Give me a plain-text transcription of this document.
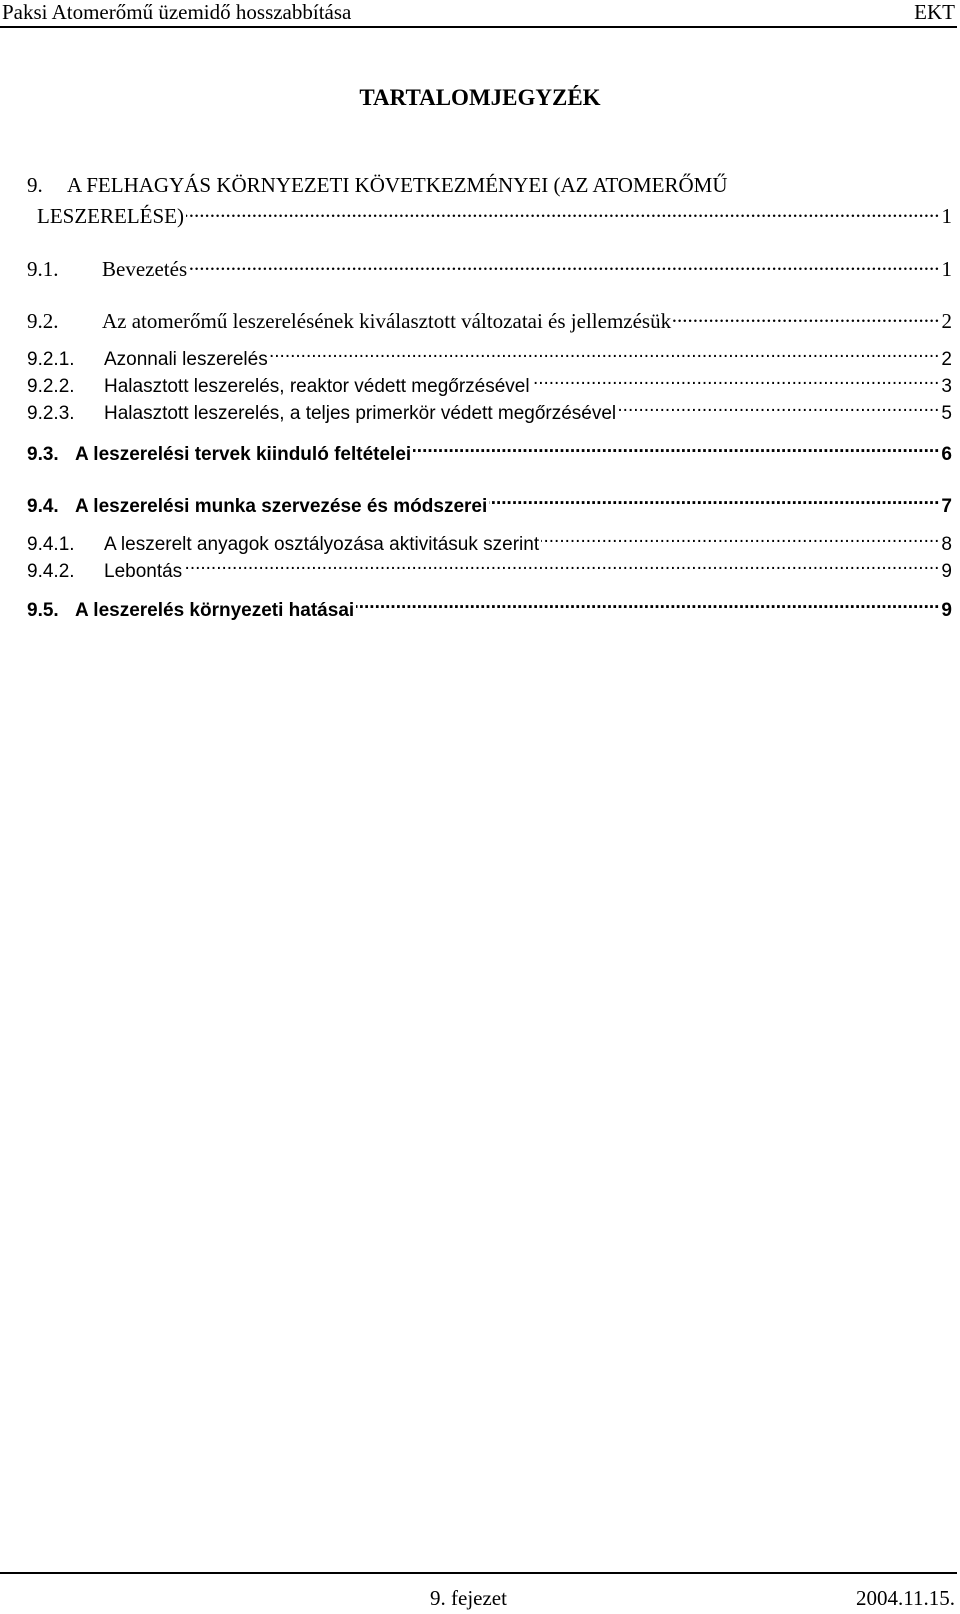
Paksi Atomerőmű üzemidő hosszabbítása	EKT
TARTALOMJEGYZÉK
9. A FELHAGYÁS KÖRNYEZETI KÖVETKEZMÉNYEI (AZ ATOMERŐMŰ
LESZERELÉSE) .....	1
9.1.	Bevezetés .....	1
9.2.	Az atomerőmű leszerelésének kiválasztott változatai és jellemzésük .....	2
9.2.1.	Azonnali leszerelés .....	2
9.2.2.	Halasztott leszerelés, reaktor védett megőrzésével .....	3
9.2.3.	Halasztott leszerelés, a teljes primerkör védett megőrzésével .....	5
9.3. A leszerelési tervek kiinduló feltételei .....	6
9.4. A leszerelési munka szervezése és módszerei .....	7
9.4.1.	A leszerelt anyagok osztályozása aktivitásuk szerint .....	8
9.4.2.	Lebontás .....	9
9.5. A leszerelés környezeti hatásai .....	9
9. fejezet	2004.11.15.
